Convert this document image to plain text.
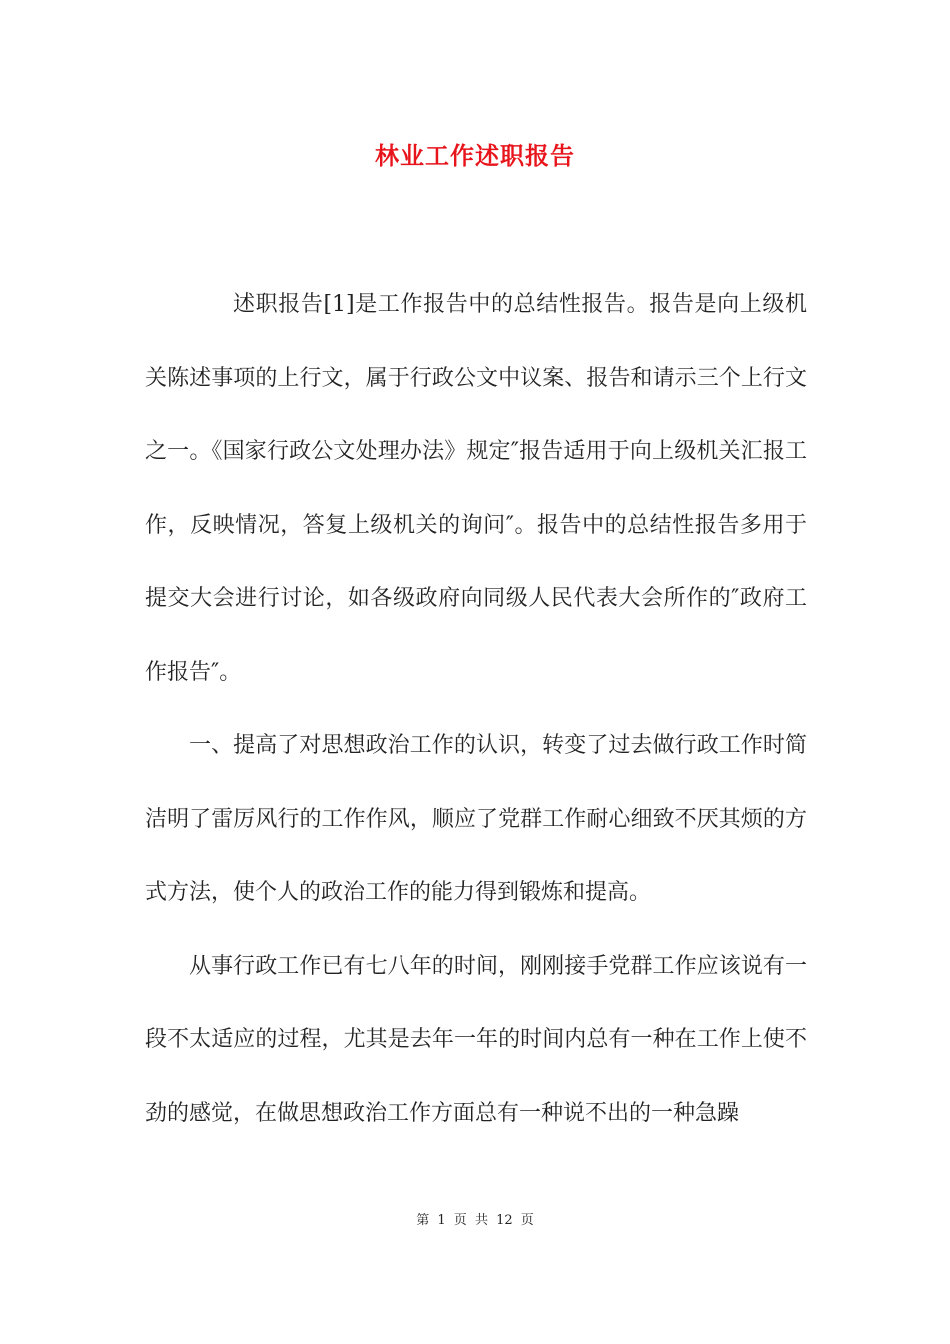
林业工作述职报告

述职报告[1]是工作报告中的总结性报告。报告是向上级机关陈述事项的上行文，属于行政公文中议案、报告和请示三个上行文之一。《国家行政公文处理办法》规定″报告适用于向上级机关汇报工作，反映情况，答复上级机关的询问″。报告中的总结性报告多用于提交大会进行讨论，如各级政府向同级人民代表大会所作的″政府工作报告″。

一、提高了对思想政治工作的认识，转变了过去做行政工作时简洁明了雷厉风行的工作作风，顺应了党群工作耐心细致不厌其烦的方式方法，使个人的政治工作的能力得到锻炼和提高。

从事行政工作已有七八年的时间，刚刚接手党群工作应该说有一段不太适应的过程，尤其是去年一年的时间内总有一种在工作上使不劲的感觉，在做思想政治工作方面总有一种说不出的一种急躁

第 1 页 共 12 页
